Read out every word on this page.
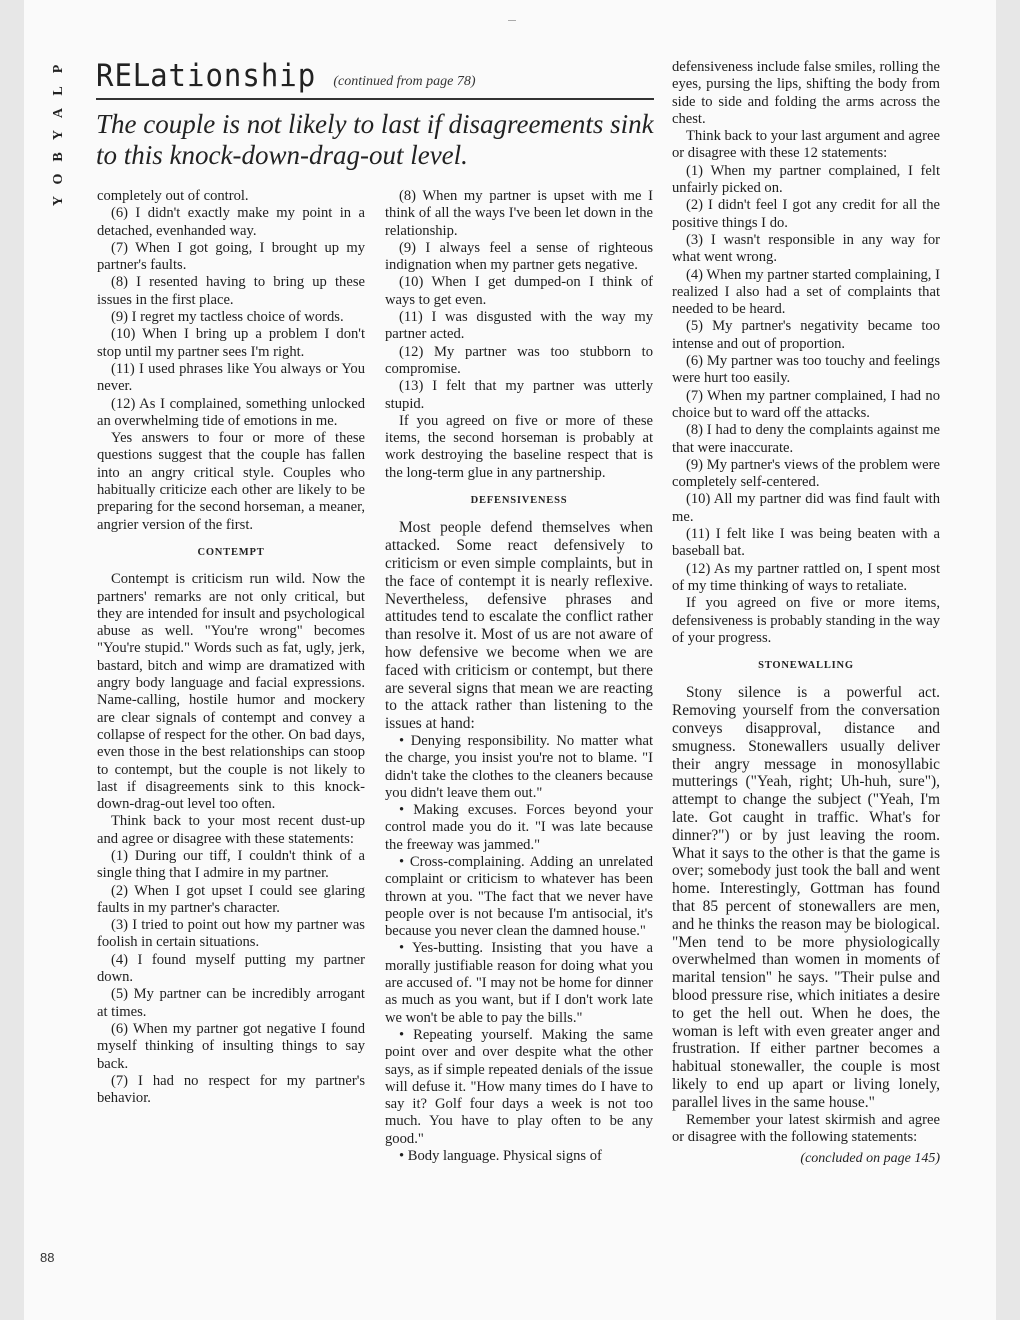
P
L
A
Y
B
O
Y
REᒪationship (continued from page 78)
The couple is not likely to last if disagreements sink to this knock-down-drag-out level.

completely out of control.

(6) I didn't exactly make my point in a detached, evenhanded way.

(7) When I got going, I brought up my partner's faults.

(8) I resented having to bring up these issues in the first place.

(9) I regret my tactless choice of words.

(10) When I bring up a problem I don't stop until my partner sees I'm right.

(11) I used phrases like You always or You never.

(12) As I complained, something unlocked an overwhelming tide of emotions in me.

Yes answers to four or more of these questions suggest that the couple has fallen into an angry critical style. Couples who habitually criticize each other are likely to be preparing for the second horseman, a meaner, angrier version of the first.

CONTEMPT

Contempt is criticism run wild. Now the partners' remarks are not only critical, but they are intended for insult and psychological abuse as well. "You're wrong" becomes "You're stupid." Words such as fat, ugly, jerk, bastard, bitch and wimp are dramatized with angry body language and facial expressions. Name-calling, hostile humor and mockery are clear signals of contempt and convey a collapse of respect for the other. On bad days, even those in the best relationships can stoop to contempt, but the couple is not likely to last if disagreements sink to this knock-down-drag-out level too often.

Think back to your most recent dust-up and agree or disagree with these statements:

(1) During our tiff, I couldn't think of a single thing that I admire in my partner.

(2) When I got upset I could see glaring faults in my partner's character.

(3) I tried to point out how my partner was foolish in certain situations.

(4) I found myself putting my partner down.

(5) My partner can be incredibly arrogant at times.

(6) When my partner got negative I found myself thinking of insulting things to say back.

(7) I had no respect for my partner's behavior.

(8) When my partner is upset with me I think of all the ways I've been let down in the relationship.

(9) I always feel a sense of righteous indignation when my partner gets negative.

(10) When I get dumped-on I think of ways to get even.

(11) I was disgusted with the way my partner acted.

(12) My partner was too stubborn to compromise.

(13) I felt that my partner was utterly stupid.

If you agreed on five or more of these items, the second horseman is probably at work destroying the baseline respect that is the long-term glue in any partnership.

DEFENSIVENESS

Most people defend themselves when attacked. Some react defensively to criticism or even simple complaints, but in the face of contempt it is nearly reflexive. Nevertheless, defensive phrases and attitudes tend to escalate the conflict rather than resolve it. Most of us are not aware of how defensive we become when we are faced with criticism or contempt, but there are several signs that mean we are reacting to the attack rather than listening to the issues at hand:

• Denying responsibility. No matter what the charge, you insist you're not to blame. "I didn't take the clothes to the cleaners because you didn't leave them out."

• Making excuses. Forces beyond your control made you do it. "I was late because the freeway was jammed."

• Cross-complaining. Adding an unrelated complaint or criticism to whatever has been thrown at you. "The fact that we never have people over is not because I'm antisocial, it's because you never clean the damned house."

• Yes-butting. Insisting that you have a morally justifiable reason for doing what you are accused of. "I may not be home for dinner as much as you want, but if I don't work late we won't be able to pay the bills."

• Repeating yourself. Making the same point over and over despite what the other says, as if simple repeated denials of the issue will defuse it. "How many times do I have to say it? Golf four days a week is not too much. You have to play often to be any good."

• Body language. Physical signs of

defensiveness include false smiles, rolling the eyes, pursing the lips, shifting the body from side to side and folding the arms across the chest.

Think back to your last argument and agree or disagree with these 12 statements:

(1) When my partner complained, I felt unfairly picked on.

(2) I didn't feel I got any credit for all the positive things I do.

(3) I wasn't responsible in any way for what went wrong.

(4) When my partner started complaining, I realized I also had a set of complaints that needed to be heard.

(5) My partner's negativity became too intense and out of proportion.

(6) My partner was too touchy and feelings were hurt too easily.

(7) When my partner complained, I had no choice but to ward off the attacks.

(8) I had to deny the complaints against me that were inaccurate.

(9) My partner's views of the problem were completely self-centered.

(10) All my partner did was find fault with me.

(11) I felt like I was being beaten with a baseball bat.

(12) As my partner rattled on, I spent most of my time thinking of ways to retaliate.

If you agreed on five or more items, defensiveness is probably standing in the way of your progress.

STONEWALLING

Stony silence is a powerful act. Removing yourself from the conversation conveys disapproval, distance and smugness. Stonewallers usually deliver their angry message in monosyllabic mutterings ("Yeah, right; Uh-huh, sure"), attempt to change the subject ("Yeah, I'm late. Got caught in traffic. What's for dinner?") or by just leaving the room. What it says to the other is that the game is over; somebody just took the ball and went home. Interestingly, Gottman has found that 85 percent of stonewallers are men, and he thinks the reason may be biological. "Men tend to be more physiologically overwhelmed than women in moments of marital tension" he says. "Their pulse and blood pressure rise, which initiates a desire to get the hell out. When he does, the woman is left with even greater anger and frustration. If either partner becomes a habitual stonewaller, the couple is most likely to end up apart or living lonely, parallel lives in the same house."

Remember your latest skirmish and agree or disagree with the following statements:

(concluded on page 145)
88
